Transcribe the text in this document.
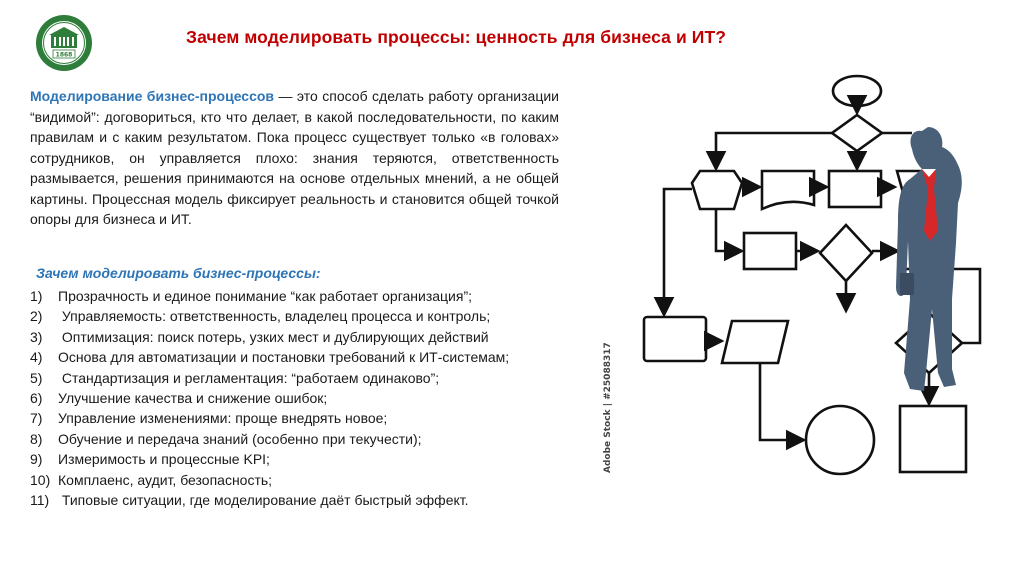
1868
Зачем моделировать процессы: ценность для бизнеса и ИТ?
Моделирование бизнес-процессов — это способ сделать работу организации “видимой”: договориться, кто что делает, в какой последовательности, по каким правилам и с каким результатом. Пока процесс существует только «в головах» сотрудников, он управляется плохо: знания теряются, ответственность размывается, решения принимаются на основе отдельных мнений, а не общей картины. Процессная модель фиксирует реальность и становится общей точкой опоры для бизнеса и ИТ.
Зачем моделировать бизнес-процессы:
1) Прозрачность и единое понимание “как работает организация”;
2) Управляемость: ответственность, владелец процесса и контроль;
3) Оптимизация: поиск потерь, узких мест и дублирующих действий
4) Основа для автоматизации и постановки требований к ИТ-системам;
5) Стандартизация и регламентация: “работаем одинаково”;
6) Улучшение качества и снижение ошибок;
7) Управление изменениями: проще внедрять новое;
8) Обучение и передача знаний (особенно при текучести);
9) Измеримость и процессные KPI;
10) Комплаенс, аудит, безопасность;
11) Типовые ситуации, где моделирование даёт быстрый эффект.
Adobe Stock | #25088317
